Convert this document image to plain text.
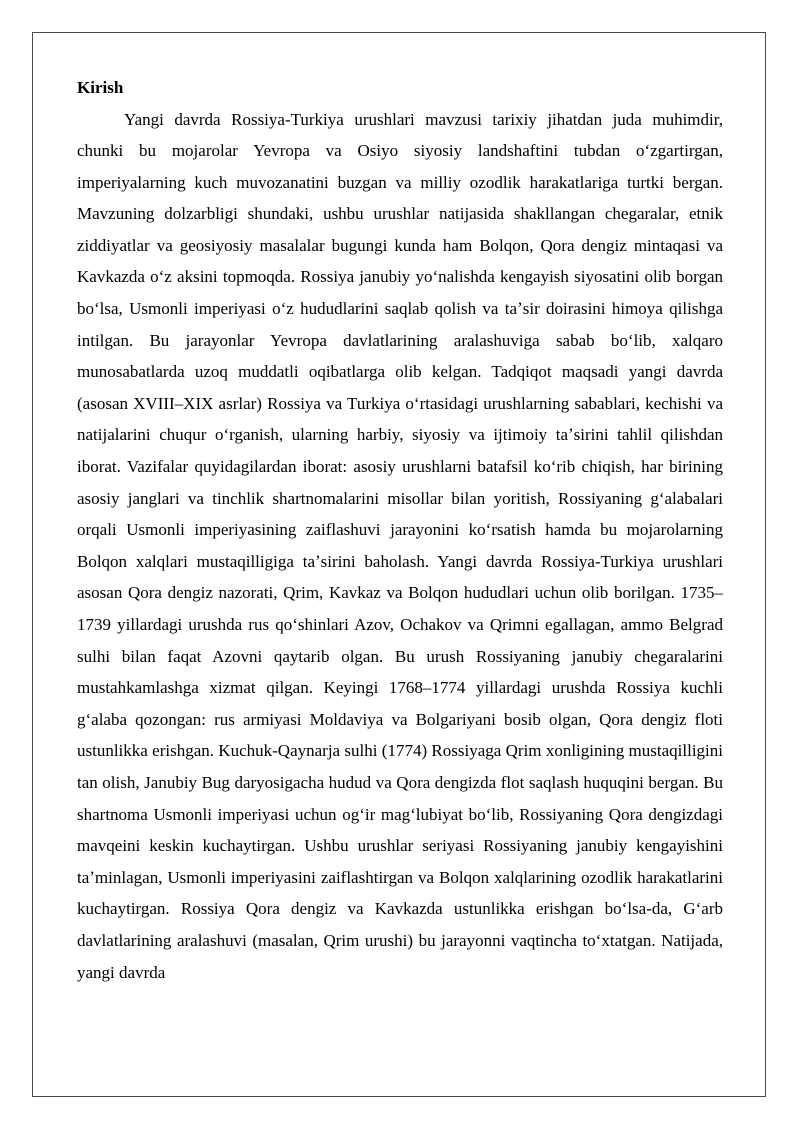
Kirish

Yangi davrda Rossiya-Turkiya urushlari mavzusi tarixiy jihatdan juda muhimdir, chunki bu mojarolar Yevropa va Osiyo siyosiy landshaftini tubdan oʻzgartirgan, imperiyalarning kuch muvozanatini buzgan va milliy ozodlik harakatlariga turtki bergan. Mavzuning dolzarbligi shundaki, ushbu urushlar natijasida shakllangan chegaralar, etnik ziddiyatlar va geosiyosiy masalalar bugungi kunda ham Bolqon, Qora dengiz mintaqasi va Kavkazda oʻz aksini topmoqda. Rossiya janubiy yoʻnalishda kengayish siyosatini olib borgan boʻlsa, Usmonli imperiyasi oʻz hududlarini saqlab qolish va taʼsir doirasini himoya qilishga intilgan. Bu jarayonlar Yevropa davlatlarining aralashuviga sabab boʻlib, xalqaro munosabatlarda uzoq muddatli oqibatlarga olib kelgan. Tadqiqot maqsadi yangi davrda (asosan XVIII–XIX asrlar) Rossiya va Turkiya oʻrtasidagi urushlarning sabablari, kechishi va natijalarini chuqur oʻrganish, ularning harbiy, siyosiy va ijtimoiy taʼsirini tahlil qilishdan iborat. Vazifalar quyidagilardan iborat: asosiy urushlarni batafsil koʻrib chiqish, har birining asosiy janglari va tinchlik shartnomalarini misollar bilan yoritish, Rossiyaning gʻalabalari orqali Usmonli imperiyasining zaiflashuvi jarayonini koʻrsatish hamda bu mojarolarning Bolqon xalqlari mustaqilligiga taʼsirini baholash. Yangi davrda Rossiya-Turkiya urushlari asosan Qora dengiz nazorati, Qrim, Kavkaz va Bolqon hududlari uchun olib borilgan. 1735–1739 yillardagi urushda rus qoʻshinlari Azov, Ochakov va Qrimni egallagan, ammo Belgrad sulhi bilan faqat Azovni qaytarib olgan. Bu urush Rossiyaning janubiy chegaralarini mustahkamlashga xizmat qilgan. Keyingi 1768–1774 yillardagi urushda Rossiya kuchli gʻalaba qozongan: rus armiyasi Moldaviya va Bolgariyani bosib olgan, Qora dengiz floti ustunlikka erishgan. Kuchuk-Qaynarja sulhi (1774) Rossiyaga Qrim xonligining mustaqilligini tan olish, Janubiy Bug daryosigacha hudud va Qora dengizda flot saqlash huquqini bergan. Bu shartnoma Usmonli imperiyasi uchun ogʻir magʻlubiyat boʻlib, Rossiyaning Qora dengizdagi mavqeini keskin kuchaytirgan. Ushbu urushlar seriyasi Rossiyaning janubiy kengayishini taʼminlagan, Usmonli imperiyasini zaiflashtirgan va Bolqon xalqlarining ozodlik harakatlarini kuchaytirgan. Rossiya Qora dengiz va Kavkazda ustunlikka erishgan boʻlsa-da, Gʻarb davlatlarining aralashuvi (masalan, Qrim urushi) bu jarayonni vaqtincha toʻxtatgan. Natijada, yangi davrda
